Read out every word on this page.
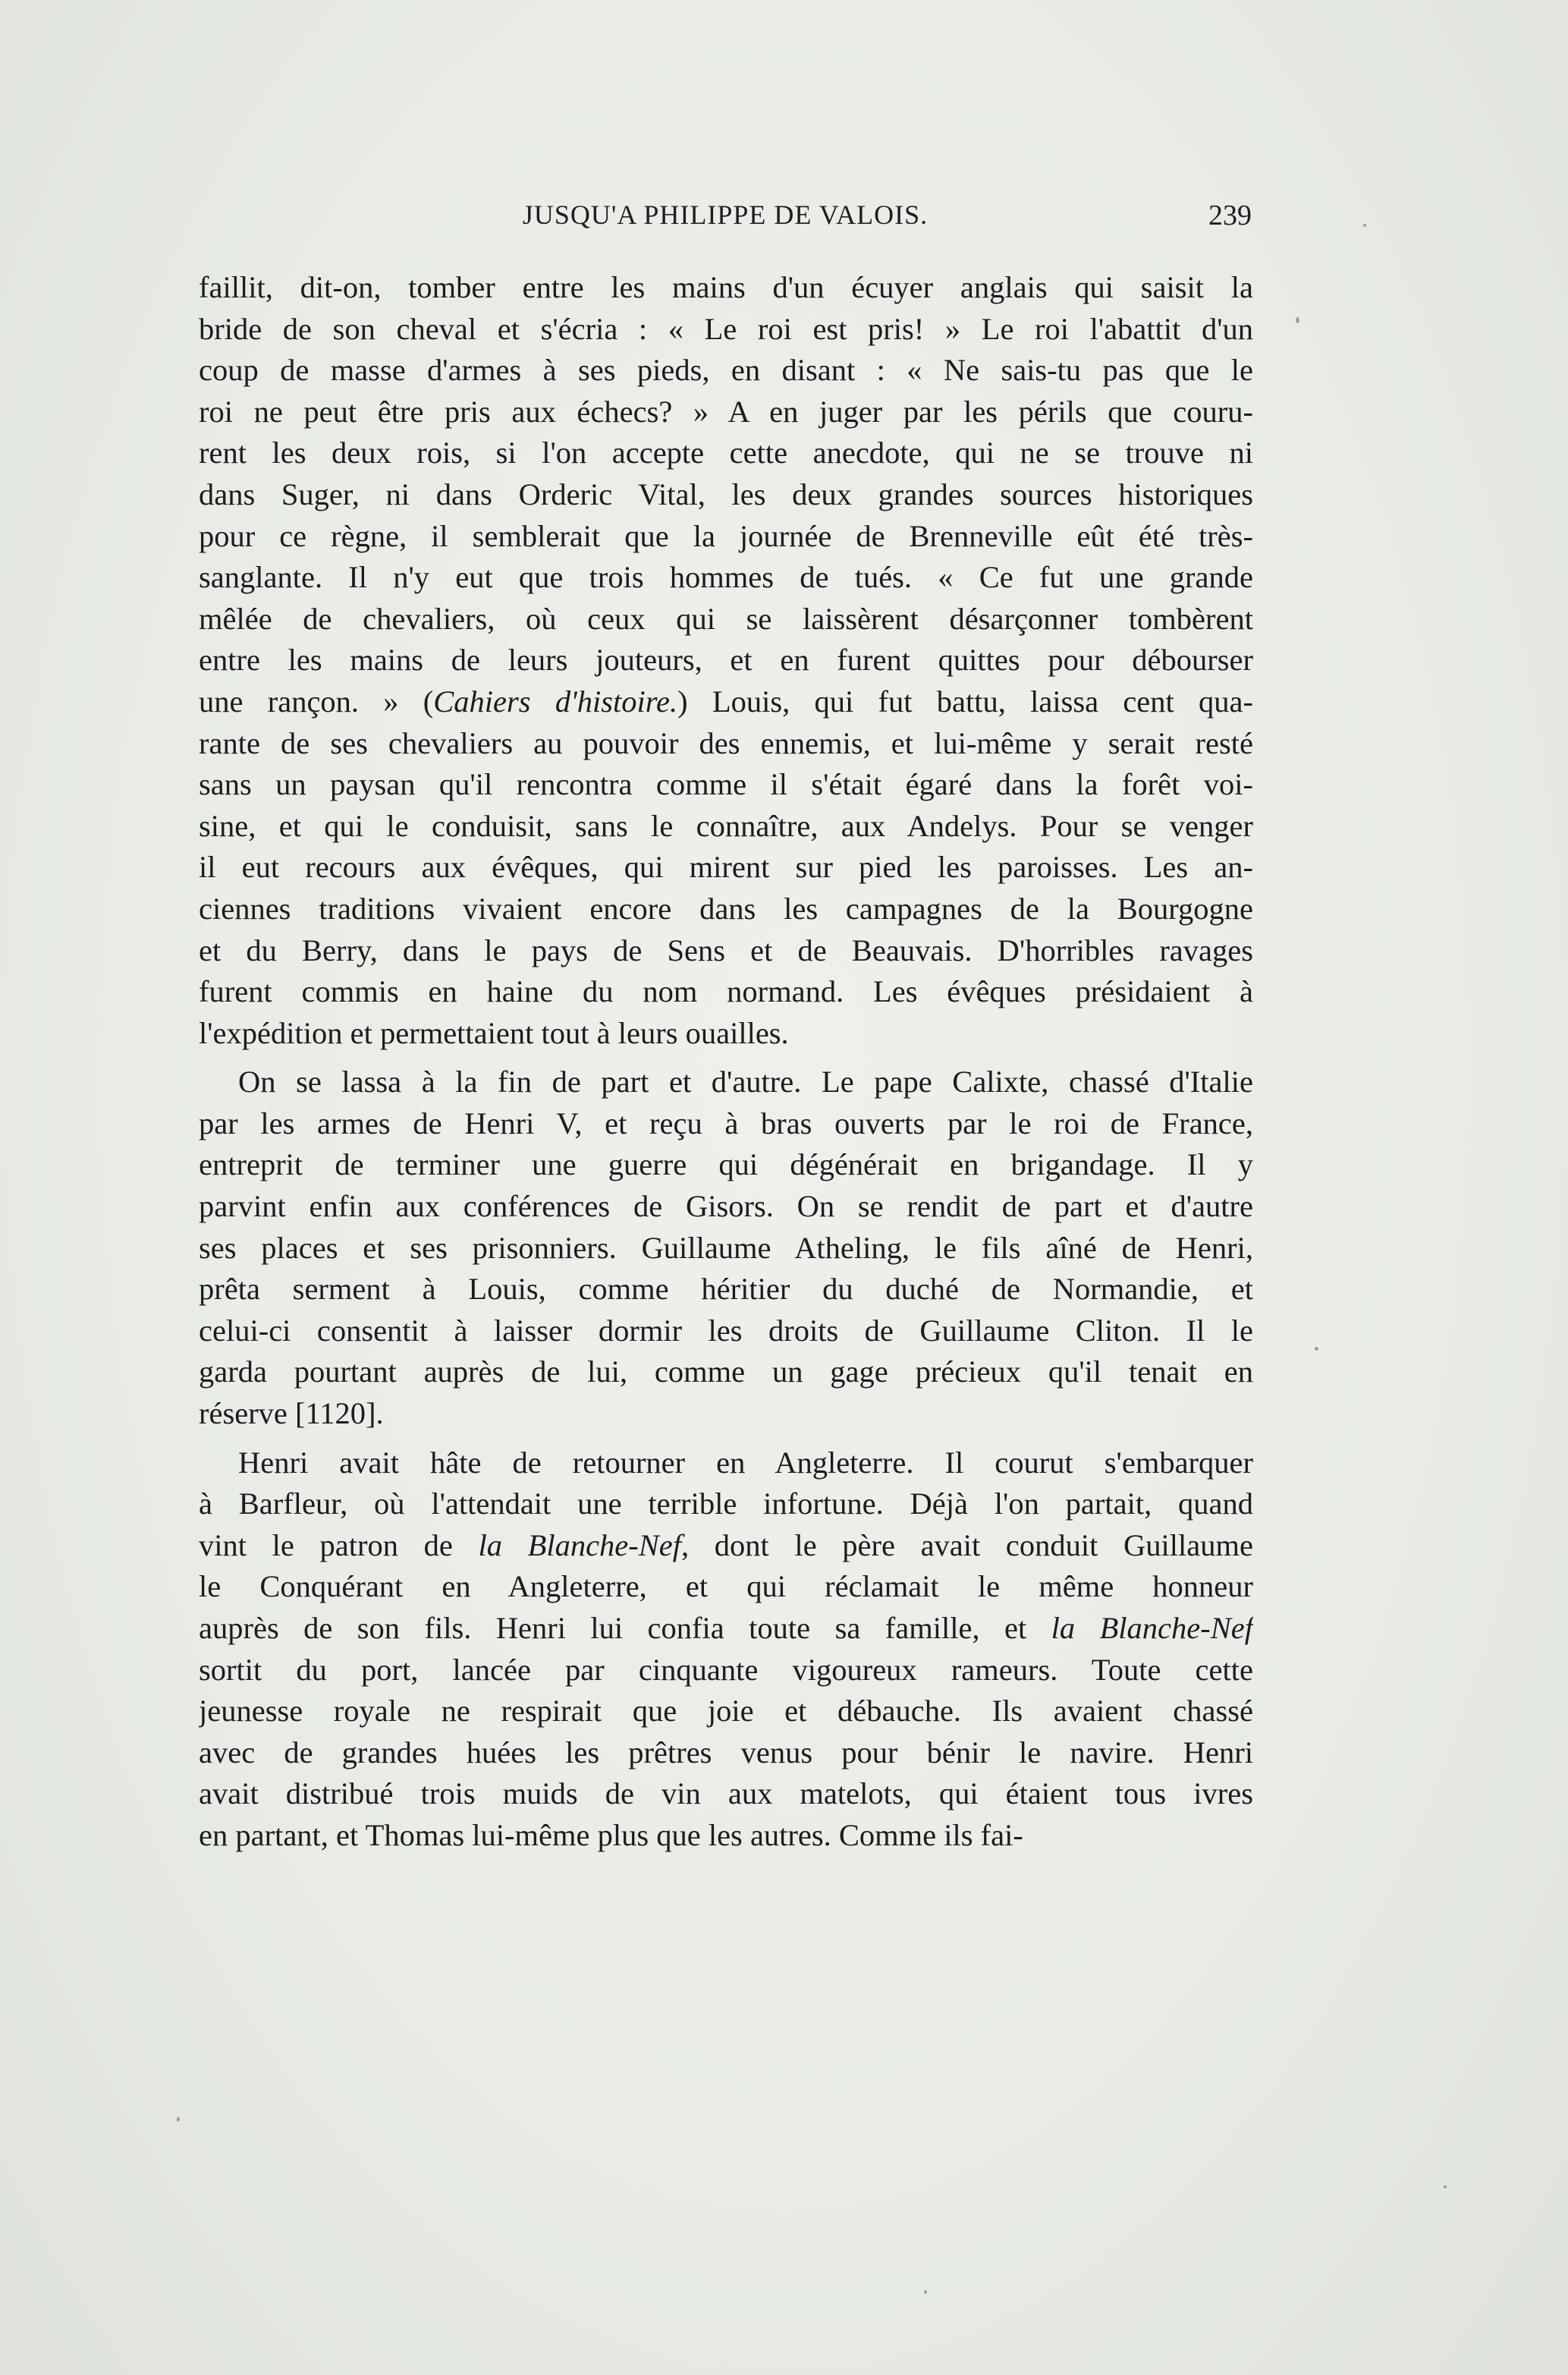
JUSQU'A PHILIPPE DE VALOIS.	239
faillit, dit-on, tomber entre les mains d'un écuyer anglais qui saisit la
bride de son cheval et s'écria : « Le roi est pris! » Le roi l'abattit d'un
coup de masse d'armes à ses pieds, en disant : « Ne sais-tu pas que le
roi ne peut être pris aux échecs? » A en juger par les périls que couru-
rent les deux rois, si l'on accepte cette anecdote, qui ne se trouve ni
dans Suger, ni dans Orderic Vital, les deux grandes sources historiques
pour ce règne, il semblerait que la journée de Brenneville eût été très-
sanglante. Il n'y eut que trois hommes de tués. « Ce fut une grande
mêlée de chevaliers, où ceux qui se laissèrent désarçonner tombèrent
entre les mains de leurs jouteurs, et en furent quittes pour débourser
une rançon. » (Cahiers d'histoire.) Louis, qui fut battu, laissa cent qua-
rante de ses chevaliers au pouvoir des ennemis, et lui-même y serait resté
sans un paysan qu'il rencontra comme il s'était égaré dans la forêt voi-
sine, et qui le conduisit, sans le connaître, aux Andelys. Pour se venger
il eut recours aux évêques, qui mirent sur pied les paroisses. Les an-
ciennes traditions vivaient encore dans les campagnes de la Bourgogne
et du Berry, dans le pays de Sens et de Beauvais. D'horribles ravages
furent commis en haine du nom normand. Les évêques présidaient à
l'expédition et permettaient tout à leurs ouailles.
On se lassa à la fin de part et d'autre. Le pape Calixte, chassé d'Italie
par les armes de Henri V, et reçu à bras ouverts par le roi de France,
entreprit de terminer une guerre qui dégénérait en brigandage. Il y
parvint enfin aux conférences de Gisors. On se rendit de part et d'autre
ses places et ses prisonniers. Guillaume Atheling, le fils aîné de Henri,
prêta serment à Louis, comme héritier du duché de Normandie, et
celui-ci consentit à laisser dormir les droits de Guillaume Cliton. Il le
garda pourtant auprès de lui, comme un gage précieux qu'il tenait en
réserve [1120].
Henri avait hâte de retourner en Angleterre. Il courut s'embarquer
à Barfleur, où l'attendait une terrible infortune. Déjà l'on partait, quand
vint le patron de la Blanche-Nef, dont le père avait conduit Guillaume
le Conquérant en Angleterre, et qui réclamait le même honneur
auprès de son fils. Henri lui confia toute sa famille, et la Blanche-Nef
sortit du port, lancée par cinquante vigoureux rameurs. Toute cette
jeunesse royale ne respirait que joie et débauche. Ils avaient chassé
avec de grandes huées les prêtres venus pour bénir le navire. Henri
avait distribué trois muids de vin aux matelots, qui étaient tous ivres
en partant, et Thomas lui-même plus que les autres. Comme ils fai-
